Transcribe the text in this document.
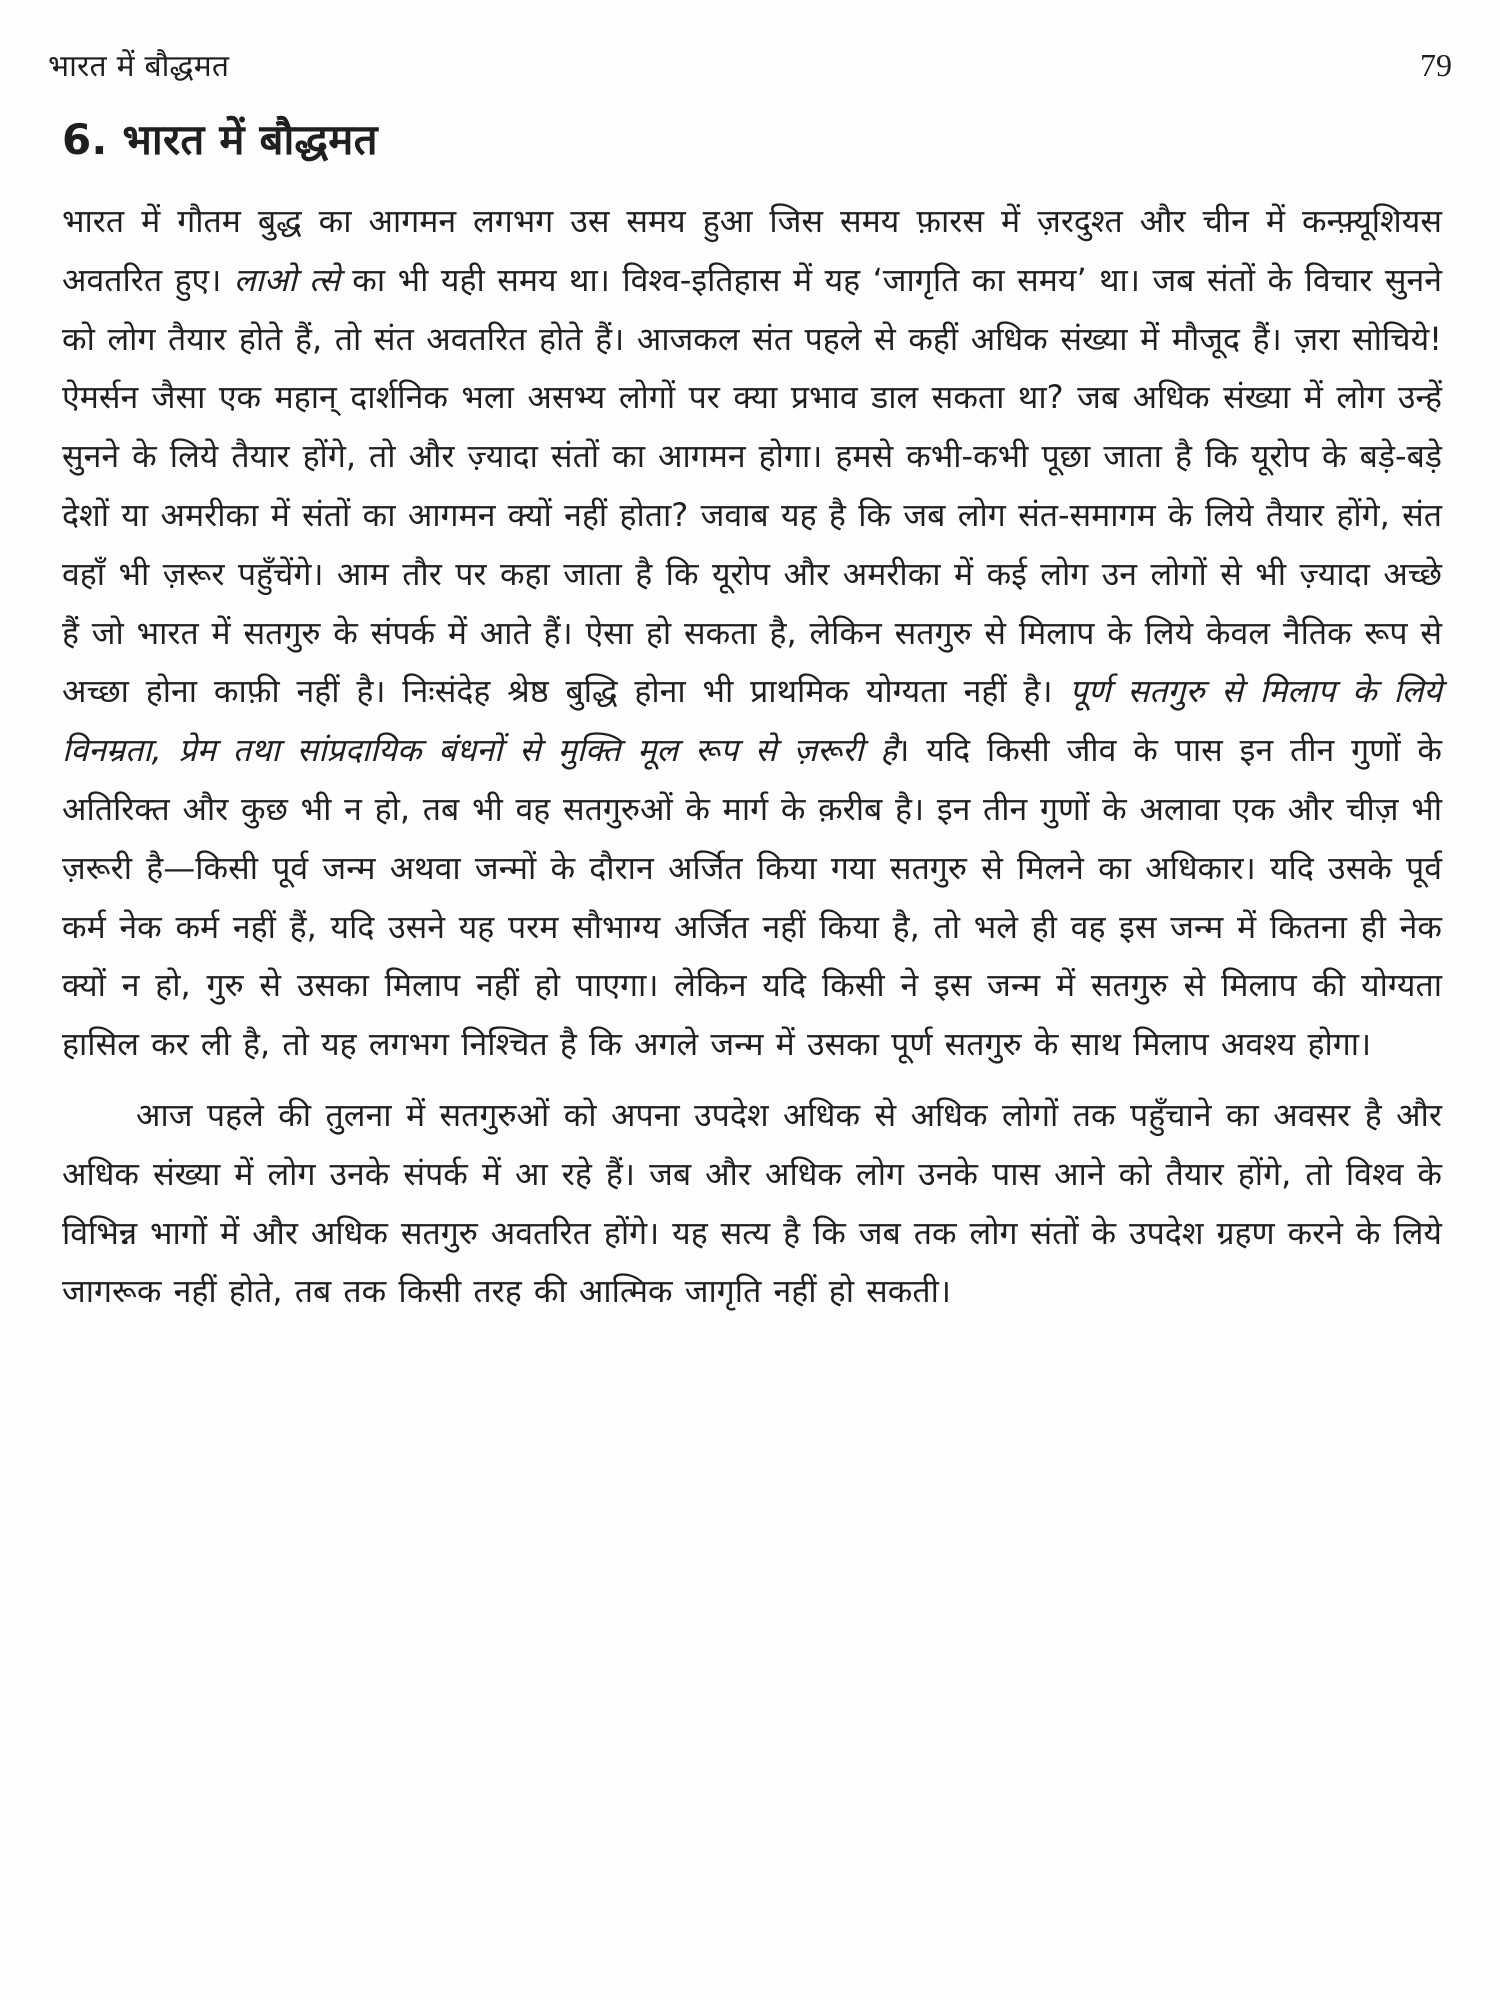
भारत में बौद्धमत	79
6. भारत में बौद्धमत

भारत में गौतम बुद्ध का आगमन लगभग उस समय हुआ जिस समय फ़ारस में ज़रदुश्त और चीन में कन्फ़्यूशियस अवतरित हुए। लाओ त्से का भी यही समय था। विश्व-इतिहास में यह ‘जागृति का समय’ था। जब संतों के विचार सुनने को लोग तैयार होते हैं, तो संत अवतरित होते हैं। आजकल संत पहले से कहीं अधिक संख्या में मौजूद हैं। ज़रा सोचिये! ऐमर्सन जैसा एक महान् दार्शनिक भला असभ्य लोगों पर क्या प्रभाव डाल सकता था? जब अधिक संख्या में लोग उन्हें सुनने के लिये तैयार होंगे, तो और ज़्यादा संतों का आगमन होगा। हमसे कभी-कभी पूछा जाता है कि यूरोप के बड़े-बड़े देशों या अमरीका में संतों का आगमन क्यों नहीं होता? जवाब यह है कि जब लोग संत-समागम के लिये तैयार होंगे, संत वहाँ भी ज़रूर पहुँचेंगे। आम तौर पर कहा जाता है कि यूरोप और अमरीका में कई लोग उन लोगों से भी ज़्यादा अच्छे हैं जो भारत में सतगुरु के संपर्क में आते हैं। ऐसा हो सकता है, लेकिन सतगुरु से मिलाप के लिये केवल नैतिक रूप से अच्छा होना काफ़ी नहीं है। निःसंदेह श्रेष्ठ बुद्धि होना भी प्राथमिक योग्यता नहीं है। पूर्ण सतगुरु से मिलाप के लिये विनम्रता, प्रेम तथा सांप्रदायिक बंधनों से मुक्ति मूल रूप से ज़रूरी है। यदि किसी जीव के पास इन तीन गुणों के अतिरिक्त और कुछ भी न हो, तब भी वह सतगुरुओं के मार्ग के क़रीब है। इन तीन गुणों के अलावा एक और चीज़ भी ज़रूरी है—किसी पूर्व जन्म अथवा जन्मों के दौरान अर्जित किया गया सतगुरु से मिलने का अधिकार। यदि उसके पूर्व कर्म नेक कर्म नहीं हैं, यदि उसने यह परम सौभाग्य अर्जित नहीं किया है, तो भले ही वह इस जन्म में कितना ही नेक क्यों न हो, गुरु से उसका मिलाप नहीं हो पाएगा। लेकिन यदि किसी ने इस जन्म में सतगुरु से मिलाप की योग्यता हासिल कर ली है, तो यह लगभग निश्चित है कि अगले जन्म में उसका पूर्ण सतगुरु के साथ मिलाप अवश्य होगा।

आज पहले की तुलना में सतगुरुओं को अपना उपदेश अधिक से अधिक लोगों तक पहुँचाने का अवसर है और अधिक संख्या में लोग उनके संपर्क में आ रहे हैं। जब और अधिक लोग उनके पास आने को तैयार होंगे, तो विश्व के विभिन्न भागों में और अधिक सतगुरु अवतरित होंगे। यह सत्य है कि जब तक लोग संतों के उपदेश ग्रहण करने के लिये जागरूक नहीं होते, तब तक किसी तरह की आत्मिक जागृति नहीं हो सकती।
